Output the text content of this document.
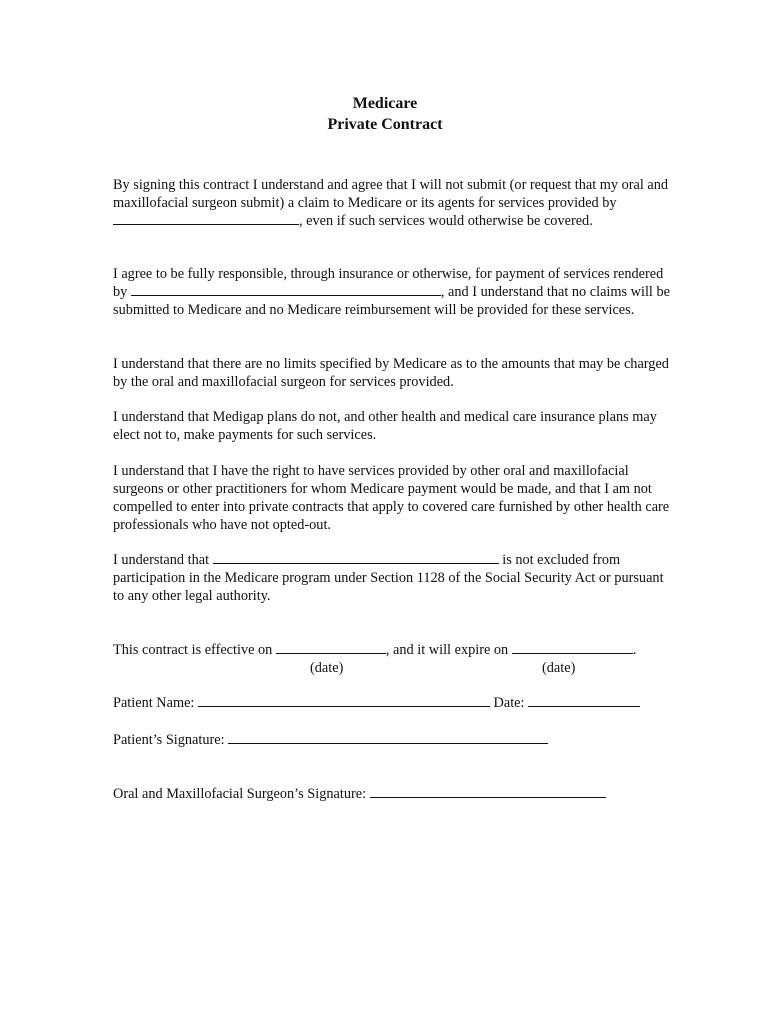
Medicare
Private Contract
By signing this contract I understand and agree that I will not submit (or request that my oral and maxillofacial surgeon submit) a claim to Medicare or its agents for services provided by , even if such services would otherwise be covered.
I agree to be fully responsible, through insurance or otherwise, for payment of services rendered by	, and I understand that no claims will be submitted to Medicare and no Medicare reimbursement will be provided for these services.
I understand that there are no limits specified by Medicare as to the amounts that may be charged by the oral and maxillofacial surgeon for services provided.
I understand that Medigap plans do not, and other health and medical care insurance plans may elect not to, make payments for such services.
I understand that I have the right to have services provided by other oral and maxillofacial surgeons or other practitioners for whom Medicare payment would be made, and that I am not compelled to enter into private contracts that apply to covered care furnished by other health care professionals who have not opted-out.
I understand that	is not excluded from participation in the Medicare program under Section 1128 of the Social Security Act or pursuant to any other legal authority.
This contract is effective on	, and it will expire on	.
(date)	(date)
Patient Name:	Date:
Patient’s Signature:
Oral and Maxillofacial Surgeon’s Signature:
